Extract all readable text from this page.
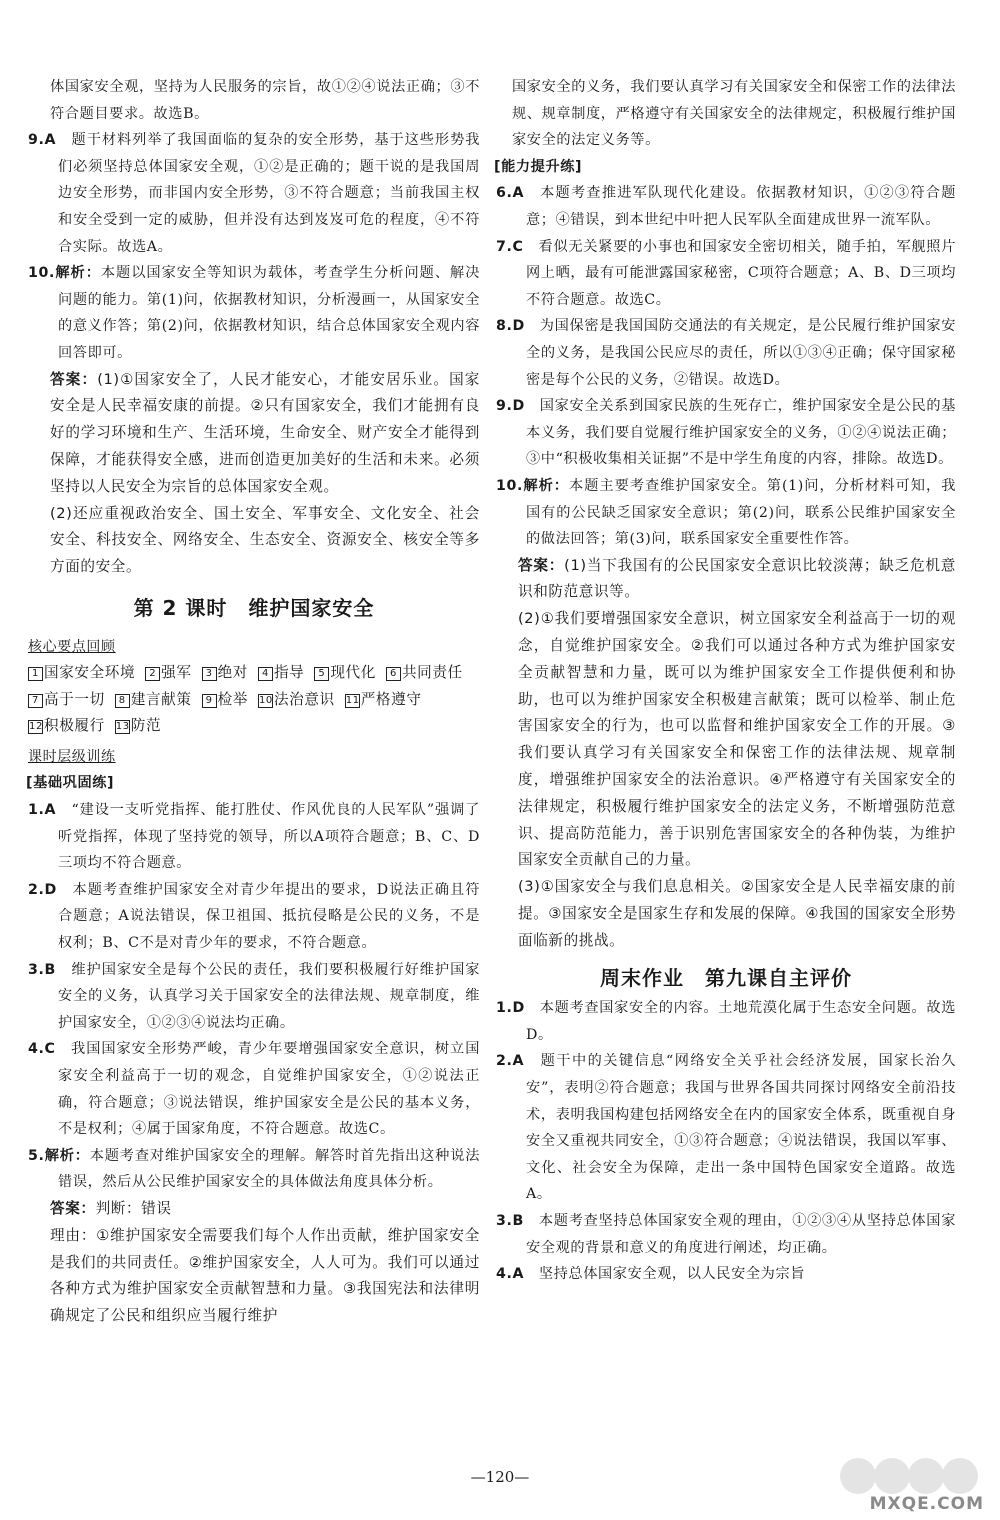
体国家安全观，坚持为人民服务的宗旨，故①②④说法正确；③不符合题目要求。故选B。

9.A　 题干材料列举了我国面临的复杂的安全形势，基于这些形势我们必须坚持总体国家安全观，①②是正确的；题干说的是我国周边安全形势，而非国内安全形势，③不符合题意；当前我国主权和安全受到一定的威胁，但并没有达到岌岌可危的程度，④不符合实际。故选A。

10.解析：本题以国家安全等知识为载体，考查学生分析问题、解决问题的能力。第(1)问，依据教材知识，分析漫画一，从国家安全的意义作答；第(2)问，依据教材知识，结合总体国家安全观内容回答即可。

答案：(1)①国家安全了，人民才能安心，才能安居乐业。国家安全是人民幸福安康的前提。②只有国家安全，我们才能拥有良好的学习环境和生产、生活环境，生命安全、财产安全才能得到保障，才能获得安全感，进而创造更加美好的生活和未来。必须坚持以人民安全为宗旨的总体国家安全观。

(2)还应重视政治安全、国土安全、军事安全、文化安全、社会安全、科技安全、网络安全、生态安全、资源安全、核安全等多方面的安全。

第 2 课时　维护国家安全
核心要点回顾
1 国家安全环境 2 强军 3 绝对 4 指导 5 现代化 6 共同责任7 高于一切 8 建言献策 9 检举 10法治意识 11严格遵守12积极履行 13防范
课时层级训练
[基础巩固练]

1.A　 “建设一支听党指挥、能打胜仗、作风优良的人民军队”强调了听党指挥，体现了坚持党的领导，所以A项符合题意；B、C、D三项均不符合题意。

2.D　 本题考查维护国家安全对青少年提出的要求，D说法正确且符合题意；A说法错误，保卫祖国、抵抗侵略是公民的义务，不是权利；B、C不是对青少年的要求，不符合题意。

3.B　 维护国家安全是每个公民的责任，我们要积极履行好维护国家安全的义务，认真学习关于国家安全的法律法规、规章制度，维护国家安全，①②③④说法均正确。

4.C　 我国国家安全形势严峻，青少年要增强国家安全意识，树立国家安全利益高于一切的观念，自觉维护国家安全，①②说法正确，符合题意；③说法错误，维护国家安全是公民的基本义务，不是权利；④属于国家角度，不符合题意。故选C。

5.解析：本题考查对维护国家安全的理解。解答时首先指出这种说法错误，然后从公民维护国家安全的具体做法角度具体分析。

答案：判断：错误

理由：①维护国家安全需要我们每个人作出贡献，维护国家安全是我们的共同责任。②维护国家安全，人人可为。我们可以通过各种方式为维护国家安全贡献智慧和力量。③我国宪法和法律明确规定了公民和组织应当履行维护

国家安全的义务，我们要认真学习有关国家安全和保密工作的法律法规、规章制度，严格遵守有关国家安全的法律规定，积极履行维护国家安全的法定义务等。

[能力提升练]

6.A　 本题考查推进军队现代化建设。依据教材知识，①②③符合题意；④错误，到本世纪中叶把人民军队全面建成世界一流军队。

7.C　 看似无关紧要的小事也和国家安全密切相关，随手拍，军舰照片网上晒，最有可能泄露国家秘密，C项符合题意；A、B、D三项均不符合题意。故选C。

8.D　 为国保密是我国国防交通法的有关规定，是公民履行维护国家安全的义务，是我国公民应尽的责任，所以①③④正确；保守国家秘密是每个公民的义务，②错误。故选D。

9.D　 国家安全关系到国家民族的生死存亡，维护国家安全是公民的基本义务，我们要自觉履行维护国家安全的义务，①②④说法正确；③中“积极收集相关证据”不是中学生角度的内容，排除。故选D。

10.解析：本题主要考查维护国家安全。第(1)问，分析材料可知，我国有的公民缺乏国家安全意识；第(2)问，联系公民维护国家安全的做法回答；第(3)问，联系国家安全重要性作答。

答案：(1)当下我国有的公民国家安全意识比较淡薄；缺乏危机意识和防范意识等。

(2)①我们要增强国家安全意识，树立国家安全利益高于一切的观念，自觉维护国家安全。②我们可以通过各种方式为维护国家安全贡献智慧和力量，既可以为维护国家安全工作提供便利和协助，也可以为维护国家安全积极建言献策；既可以检举、制止危害国家安全的行为，也可以监督和维护国家安全工作的开展。③我们要认真学习有关国家安全和保密工作的法律法规、规章制度，增强维护国家安全的法治意识。④严格遵守有关国家安全的法律规定，积极履行维护国家安全的法定义务，不断增强防范意识、提高防范能力，善于识别危害国家安全的各种伪装，为维护国家安全贡献自己的力量。

(3)①国家安全与我们息息相关。②国家安全是人民幸福安康的前提。③国家安全是国家生存和发展的保障。④我国的国家安全形势面临新的挑战。

周末作业　第九课自主评价

1.D　 本题考查国家安全的内容。土地荒漠化属于生态安全问题。故选D。

2.A　 题干中的关键信息“网络安全关乎社会经济发展，国家长治久安”，表明②符合题意；我国与世界各国共同探讨网络安全前沿技术，表明我国构建包括网络安全在内的国家安全体系，既重视自身安全又重视共同安全，①③符合题意；④说法错误，我国以军事、文化、社会安全为保障，走出一条中国特色国家安全道路。故选A。

3.B　 本题考查坚持总体国家安全观的理由，①②③④从坚持总体国家安全观的背景和意义的角度进行阐述，均正确。

4.A　 坚持总体国家安全观，以人民安全为宗旨

—120—
MXQE.COM
